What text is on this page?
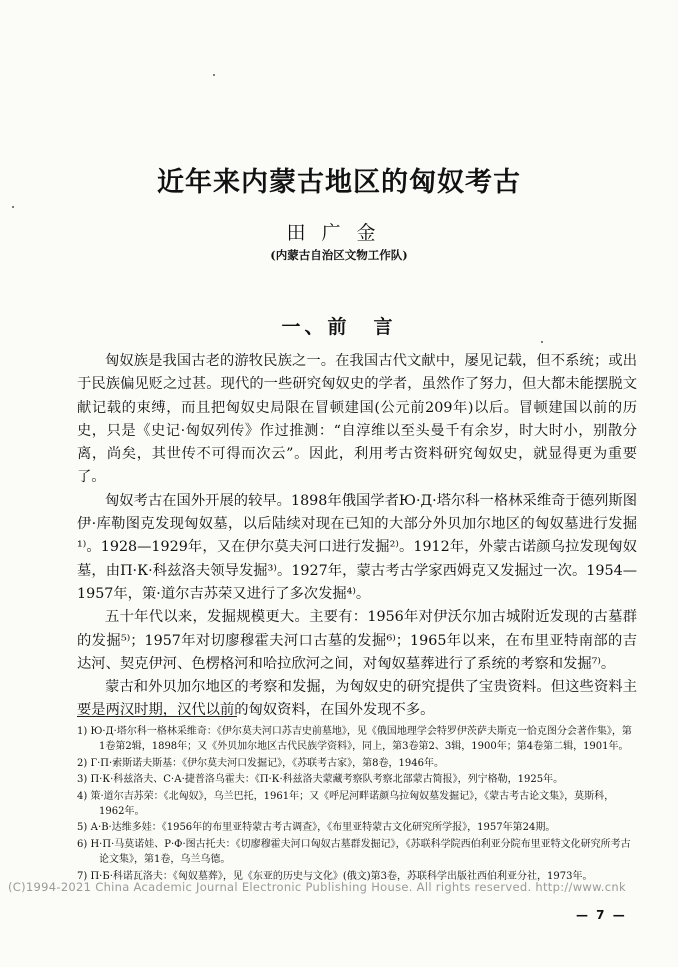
近年来内蒙古地区的匈奴考古
田广金
(内蒙古自治区文物工作队)
一、前　言

匈奴族是我国古老的游牧民族之一。在我国古代文献中，屡见记载，但不系统；或出于民族偏见贬之过甚。现代的一些研究匈奴史的学者，虽然作了努力，但大都未能摆脱文献记载的束缚，而且把匈奴史局限在冒顿建国(公元前209年)以后。冒顿建国以前的历史，只是《史记·匈奴列传》作过推测：“自淳维以至头曼千有余岁，时大时小，别散分离，尚矣，其世传不可得而次云”。因此，利用考古资料研究匈奴史，就显得更为重要了。

匈奴考古在国外开展的较早。1898年俄国学者Ю·Д·塔尔科一格林采维奇于德列斯图伊·库勒图克发现匈奴墓，以后陆续对现在已知的大部分外贝加尔地区的匈奴墓进行发掘¹⁾。1928—1929年，又在伊尔莫夫河口进行发掘²⁾。1912年，外蒙古诺颜乌拉发现匈奴墓，由П·К·科兹洛夫领导发掘³⁾。1927年，蒙古考古学家西姆克又发掘过一次。1954—1957年，策·道尔吉苏荣又进行了多次发掘⁴⁾。

五十年代以来，发掘规模更大。主要有：1956年对伊沃尔加古城附近发现的古墓群的发掘⁵⁾；1957年对切廖穆霍夫河口古墓的发掘⁶⁾；1965年以来，在布里亚特南部的吉达河、契克伊河、色楞格河和哈拉欣河之间，对匈奴墓葬进行了系统的考察和发掘⁷⁾。

蒙古和外贝加尔地区的考察和发掘，为匈奴史的研究提供了宝贵资料。但这些资料主要是两汉时期，汉代以前的匈奴资料，在国外发现不多。

1) Ю·Д·塔尔科一格林采维奇：《伊尔莫夫河口苏吉史前墓地》，见《俄国地理学会特罗伊茨萨夫斯克一恰克图分会著作集》，第1卷第2辑，1898年；又《外贝加尔地区古代民族学资料》，同上，第3卷第2、3辑，1900年；第4卷第二辑，1901年。
2) Г·П·索斯诺夫斯基：《伊尔莫夫河口发掘记》，《苏联考古家》，第8卷，1946年。
3) П·К·科兹洛夫、С·А·捷普洛乌霍夫：《П·К·科兹洛夫蒙藏考察队考察北部蒙古简报》，列宁格勒，1925年。
4) 策·道尔吉苏荣：《北匈奴》，乌兰巴托，1961年；又《呼尼河畔诺颜乌拉匈奴墓发掘记》，《蒙古考古论文集》，莫斯科，1962年。
5) А·В·达维多娃：《1956年的布里亚特蒙古考古调查》，《布里亚特蒙古文化研究所学报》，1957年第24期。
6) Н·П·马莫诺娃、Р·Ф·图古托夫：《切廖穆霍夫河口匈奴古墓群发掘记》，《苏联科学院西伯利亚分院布里亚特文化研究所考古论文集》，第1卷，乌兰乌德。
7) П·Б·科诺瓦洛夫：《匈奴墓葬》，见《东亚的历史与文化》(俄文)第3卷，苏联科学出版社西伯利亚分社，1973年。
(C)1994-2021 China Academic Journal Electronic Publishing House. All rights reserved. http://www.cnk
— 7 —
